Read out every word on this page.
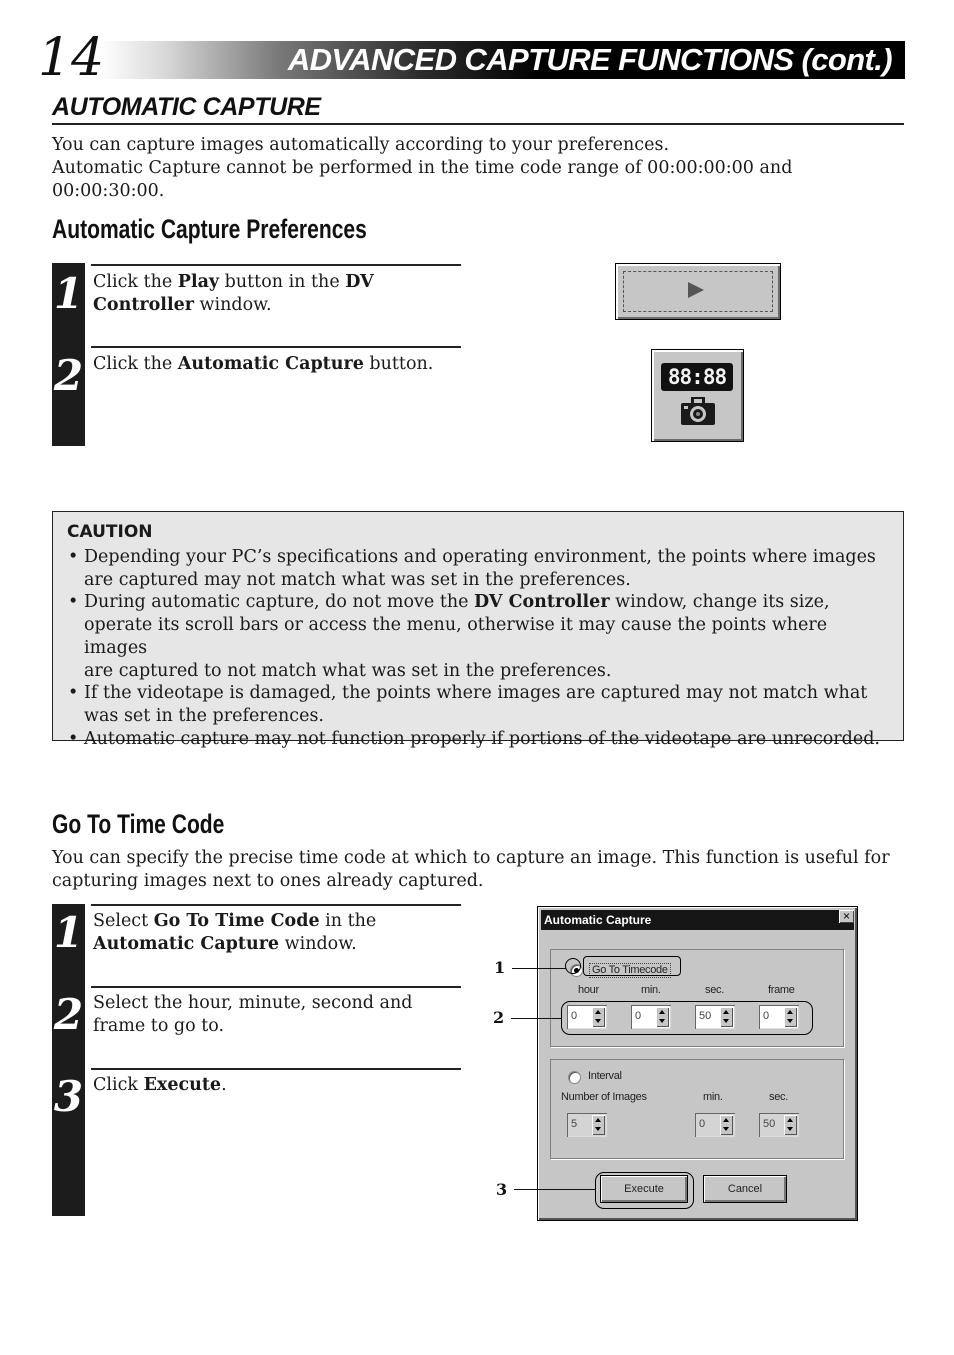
14	ADVANCED CAPTURE FUNCTIONS (cont.)
AUTOMATIC CAPTURE
You can capture images automatically according to your preferences.
Automatic Capture cannot be performed in the time code range of 00:00:00:00 and
00:00:30:00.
Automatic Capture Preferences
1
2
Click the Play button in the DV
Controller window.
Click the Automatic Capture button.
88:88
CAUTION
• Depending your PC’s specifications and operating environment, the points where images
are captured may not match what was set in the preferences.
• During automatic capture, do not move the DV Controller window, change its size,
operate its scroll bars or access the menu, otherwise it may cause the points where images
are captured to not match what was set in the preferences.
• If the videotape is damaged, the points where images are captured may not match what
was set in the preferences.
• Automatic capture may not function properly if portions of the videotape are unrecorded.
Go To Time Code
You can specify the precise time code at which to capture an image. This function is useful for
capturing images next to ones already captured.
1
2
3
Select Go To Time Code in the
Automatic Capture window.
Select the hour, minute, second and
frame to go to.
Click Execute.
Automatic Capture	×
Go To Timecode
hour	min.	sec.	frame
0	0	50	0
Interval
Number of Images	min.	sec.
5	0	50
Execute	Cancel
1
2
3
